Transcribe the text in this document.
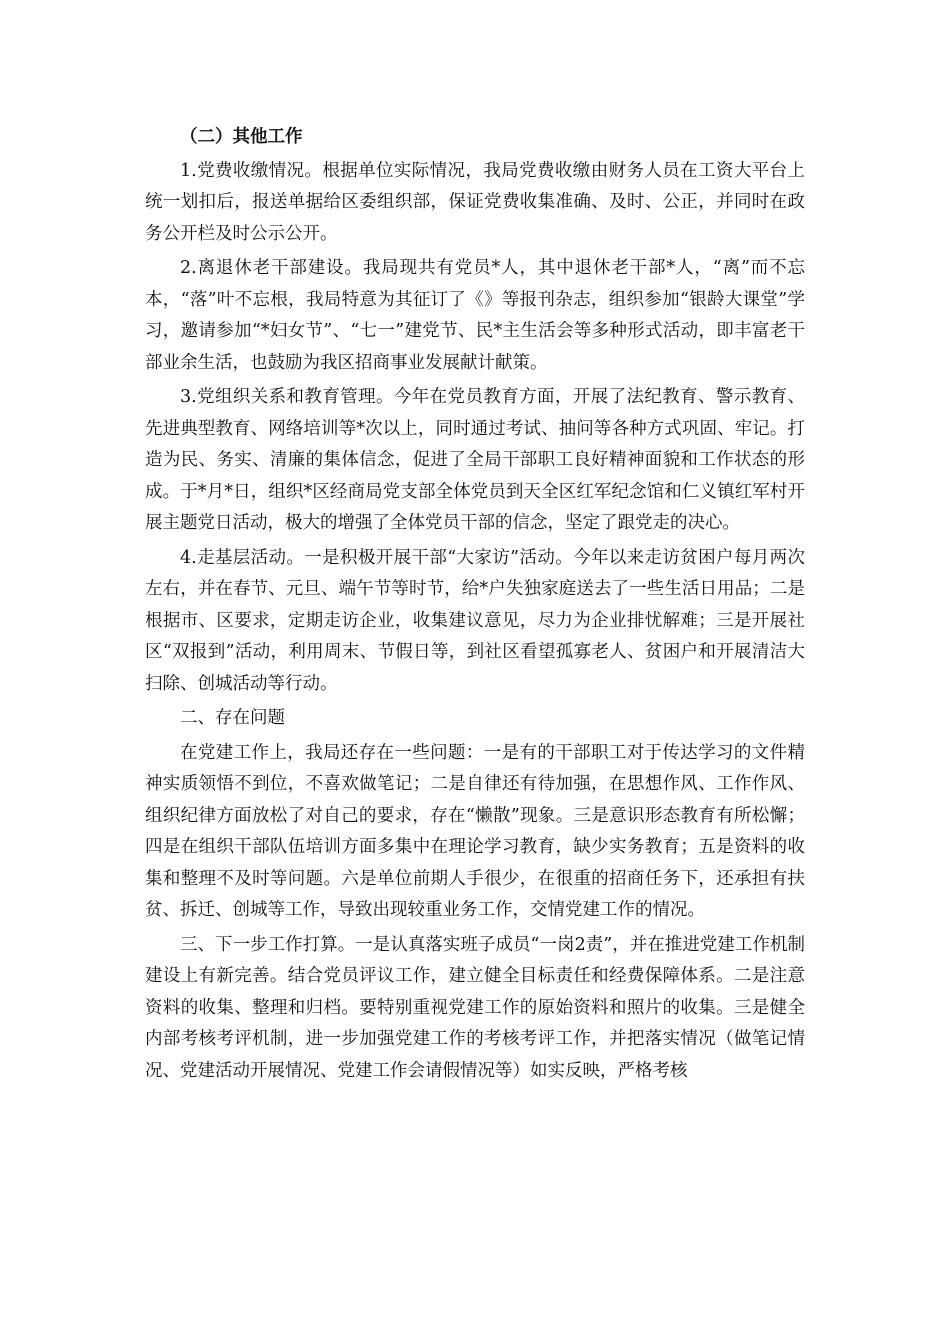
（二）其他工作

1.党费收缴情况。根据单位实际情况，我局党费收缴由财务人员在工资大平台上统一划扣后，报送单据给区委组织部，保证党费收集准确、及时、公正，并同时在政务公开栏及时公示公开。

2.离退休老干部建设。我局现共有党员*人，其中退休老干部*人，“离”而不忘本，“落”叶不忘根，我局特意为其征订了《》等报刊杂志，组织参加“银龄大课堂”学习，邀请参加“*妇女节”、“七一”建党节、民*主生活会等多种形式活动，即丰富老干部业余生活，也鼓励为我区招商事业发展献计献策。

3.党组织关系和教育管理。今年在党员教育方面，开展了法纪教育、警示教育、先进典型教育、网络培训等*次以上，同时通过考试、抽问等各种方式巩固、牢记。打造为民、务实、清廉的集体信念，促进了全局干部职工良好精神面貌和工作状态的形成。于*月*日，组织*区经商局党支部全体党员到天全区红军纪念馆和仁义镇红军村开展主题党日活动，极大的增强了全体党员干部的信念，坚定了跟党走的决心。

4.走基层活动。一是积极开展干部“大家访”活动。今年以来走访贫困户每月两次左右，并在春节、元旦、端午节等时节，给*户失独家庭送去了一些生活日用品；二是根据市、区要求，定期走访企业，收集建议意见，尽力为企业排忧解难；三是开展社区“双报到”活动，利用周末、节假日等，到社区看望孤寡老人、贫困户和开展清洁大扫除、创城活动等行动。

二、存在问题

在党建工作上，我局还存在一些问题：一是有的干部职工对于传达学习的文件精神实质领悟不到位，不喜欢做笔记；二是自律还有待加强，在思想作风、工作作风、组织纪律方面放松了对自己的要求，存在“懒散”现象。三是意识形态教育有所松懈；四是在组织干部队伍培训方面多集中在理论学习教育，缺少实务教育；五是资料的收集和整理不及时等问题。六是单位前期人手很少，在很重的招商任务下，还承担有扶贫、拆迁、创城等工作，导致出现较重业务工作，交情党建工作的情况。

三、下一步工作打算。一是认真落实班子成员“一岗2责”，并在推进党建工作机制建设上有新完善。结合党员评议工作，建立健全目标责任和经费保障体系。二是注意资料的收集、整理和归档。要特别重视党建工作的原始资料和照片的收集。三是健全内部考核考评机制，进一步加强党建工作的考核考评工作，并把落实情况（做笔记情况、党建活动开展情况、党建工作会请假情况等）如实反映，严格考核
